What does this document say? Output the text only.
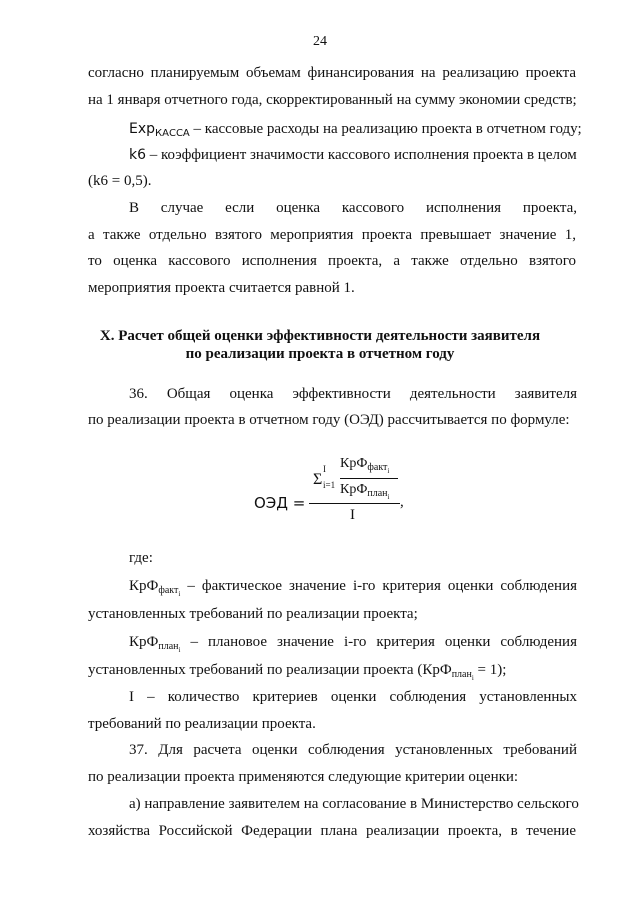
24
согласно планируемым объемам финансирования на реализацию проекта
на 1 января отчетного года, скорректированный на сумму экономии средств;
Exp$_{КАССА}$ – кассовые расходы на реализацию проекта в отчетном году;
k6 – коэффициент значимости кассового исполнения проекта в целом
(k6 = 0,5).
В случае если оценка кассового исполнения проекта,
а также отдельно взятого мероприятия проекта превышает значение 1,
то оценка кассового исполнения проекта, а также отдельно взятого
мероприятия проекта считается равной 1.
X. Расчет общей оценки эффективности деятельности заявителя
по реализации проекта в отчетном году
36. Общая оценка эффективности деятельности заявителя
по реализации проекта в отчетном году (ОЭД) рассчитывается по формуле:
ОЭД =
Σ
I
i=1
КрФ$_{факт_i}$
КрФ$_{план_i}$ ,
I
где:
КрФ$_{факт_i}$ – фактическое значение i-го критерия оценки соблюдения
установленных требований по реализации проекта;
КрФ$_{план_i}$ – плановое значение i-го критерия оценки соблюдения
установленных требований по реализации проекта (КрФ$_{план_i}$ = 1);
I – количество критериев оценки соблюдения установленных
требований по реализации проекта.
37. Для расчета оценки соблюдения установленных требований
по реализации проекта применяются следующие критерии оценки:
а) направление заявителем на согласование в Министерство сельского
хозяйства Российской Федерации плана реализации проекта, в течение
